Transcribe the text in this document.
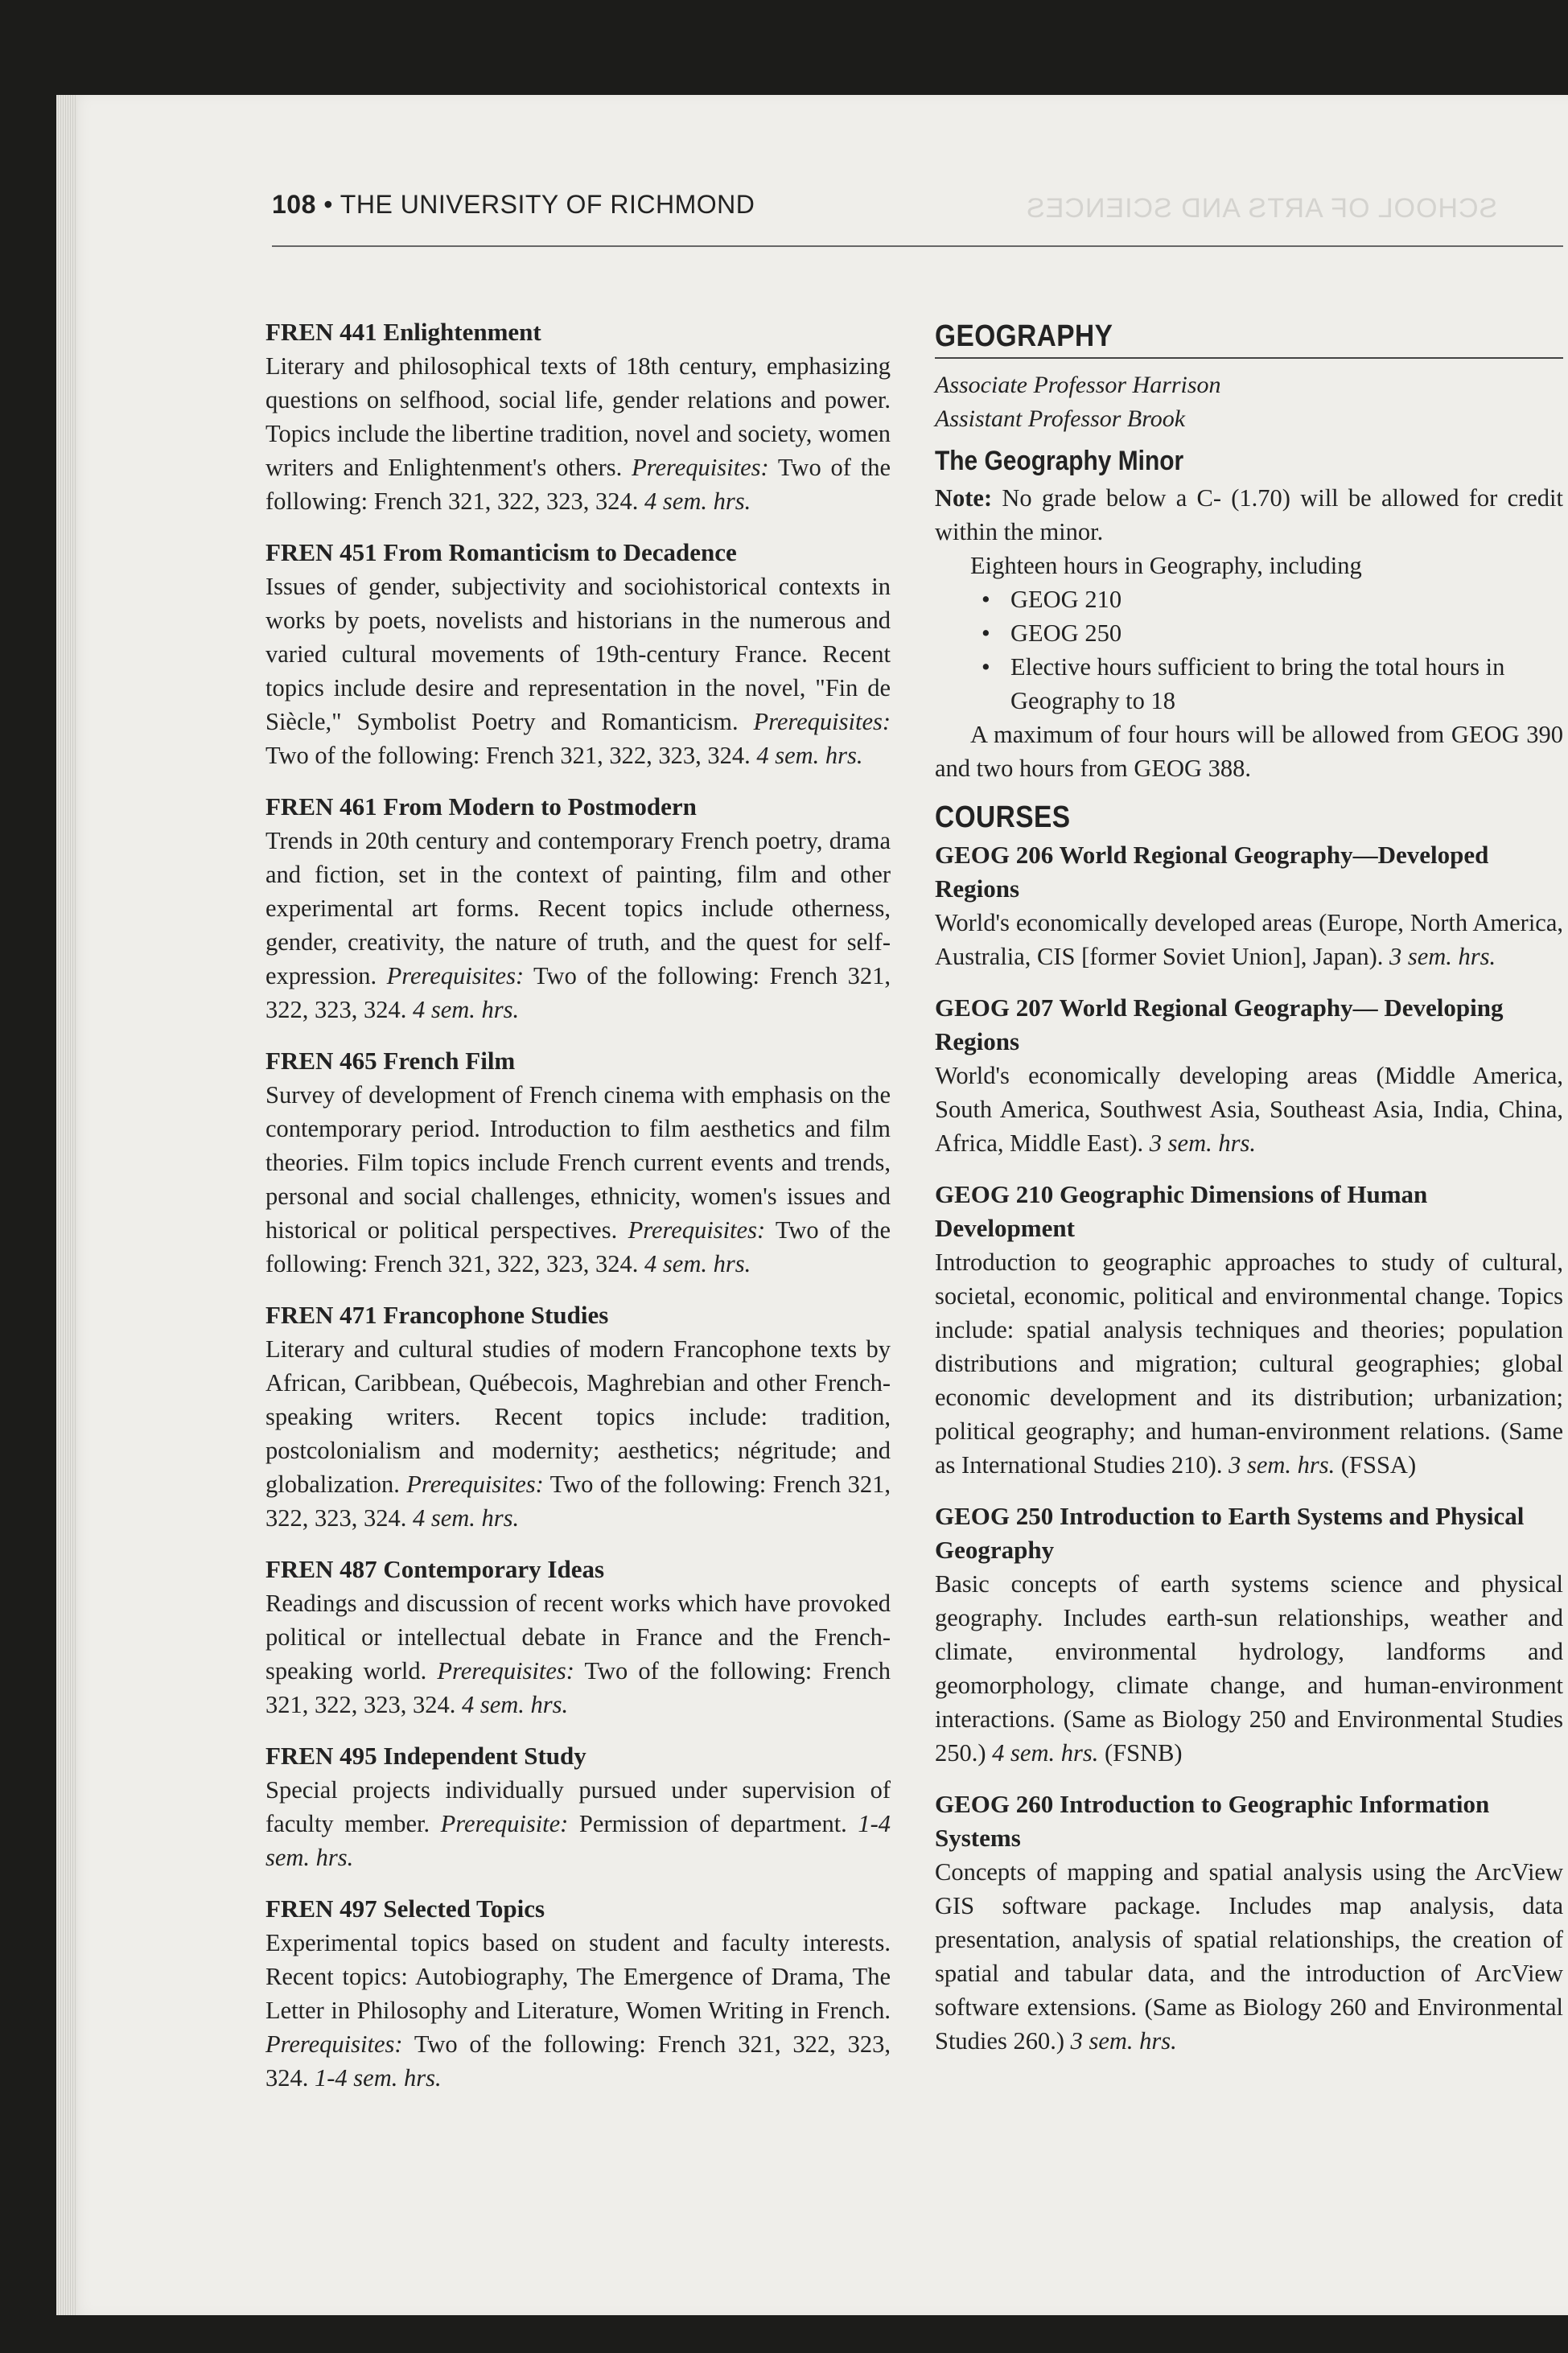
SCHOOL OF ARTS AND SCIENCES
108 • THE UNIVERSITY OF RICHMOND
FREN 441 Enlightenment
Literary and philosophical texts of 18th century, emphasizing questions on selfhood, social life, gender relations and power. Topics include the libertine tradition, novel and society, women writers and Enlightenment's others. Prerequisites: Two of the following: French 321, 322, 323, 324. 4 sem. hrs.
FREN 451 From Romanticism to Decadence
Issues of gender, subjectivity and sociohistorical contexts in works by poets, novelists and historians in the numerous and varied cultural movements of 19th-century France. Recent topics include desire and representation in the novel, "Fin de Siècle," Symbolist Poetry and Romanticism. Prerequisites: Two of the following: French 321, 322, 323, 324. 4 sem. hrs.
FREN 461 From Modern to Postmodern
Trends in 20th century and contemporary French poetry, drama and fiction, set in the context of painting, film and other experimental art forms. Recent topics include otherness, gender, creativity, the nature of truth, and the quest for self-expression. Prerequisites: Two of the following: French 321, 322, 323, 324. 4 sem. hrs.
FREN 465 French Film
Survey of development of French cinema with emphasis on the contemporary period. Introduction to film aesthetics and film theories. Film topics include French current events and trends, personal and social challenges, ethnicity, women's issues and historical or political perspectives. Prerequisites: Two of the following: French 321, 322, 323, 324. 4 sem. hrs.
FREN 471 Francophone Studies
Literary and cultural studies of modern Francophone texts by African, Caribbean, Québecois, Maghrebian and other French-speaking writers. Recent topics include: tradition, postcolonialism and modernity; aesthetics; négritude; and globalization. Prerequisites: Two of the following: French 321, 322, 323, 324. 4 sem. hrs.
FREN 487 Contemporary Ideas
Readings and discussion of recent works which have provoked political or intellectual debate in France and the French-speaking world. Prerequisites: Two of the following: French 321, 322, 323, 324. 4 sem. hrs.
FREN 495 Independent Study
Special projects individually pursued under supervision of faculty member. Prerequisite: Permission of department. 1-4 sem. hrs.
FREN 497 Selected Topics
Experimental topics based on student and faculty interests. Recent topics: Autobiography, The Emergence of Drama, The Letter in Philosophy and Literature, Women Writing in French. Prerequisites: Two of the following: French 321, 322, 323, 324. 1-4 sem. hrs.
GEOGRAPHY
Associate Professor Harrison
Assistant Professor Brook
The Geography Minor
Note: No grade below a C- (1.70) will be allowed for credit within the minor.
Eighteen hours in Geography, including
• GEOG 210
• GEOG 250
• Elective hours sufficient to bring the total hours in Geography to 18
A maximum of four hours will be allowed from GEOG 390 and two hours from GEOG 388.
COURSES
GEOG 206 World Regional Geography—Developed Regions
World's economically developed areas (Europe, North America, Australia, CIS [former Soviet Union], Japan). 3 sem. hrs.
GEOG 207 World Regional Geography— Developing Regions
World's economically developing areas (Middle America, South America, Southwest Asia, Southeast Asia, India, China, Africa, Middle East). 3 sem. hrs.
GEOG 210 Geographic Dimensions of Human Development
Introduction to geographic approaches to study of cultural, societal, economic, political and environmental change. Topics include: spatial analysis techniques and theories; population distributions and migration; cultural geographies; global economic development and its distribution; urbanization; political geography; and human-environment relations. (Same as International Studies 210). 3 sem. hrs. (FSSA)
GEOG 250 Introduction to Earth Systems and Physical Geography
Basic concepts of earth systems science and physical geography. Includes earth-sun relationships, weather and climate, environmental hydrology, landforms and geomorphology, climate change, and human-environment interactions. (Same as Biology 250 and Environmental Studies 250.) 4 sem. hrs. (FSNB)
GEOG 260 Introduction to Geographic Information Systems
Concepts of mapping and spatial analysis using the ArcView GIS software package. Includes map analysis, data presentation, analysis of spatial relationships, the creation of spatial and tabular data, and the introduction of ArcView software extensions. (Same as Biology 260 and Environmental Studies 260.) 3 sem. hrs.
